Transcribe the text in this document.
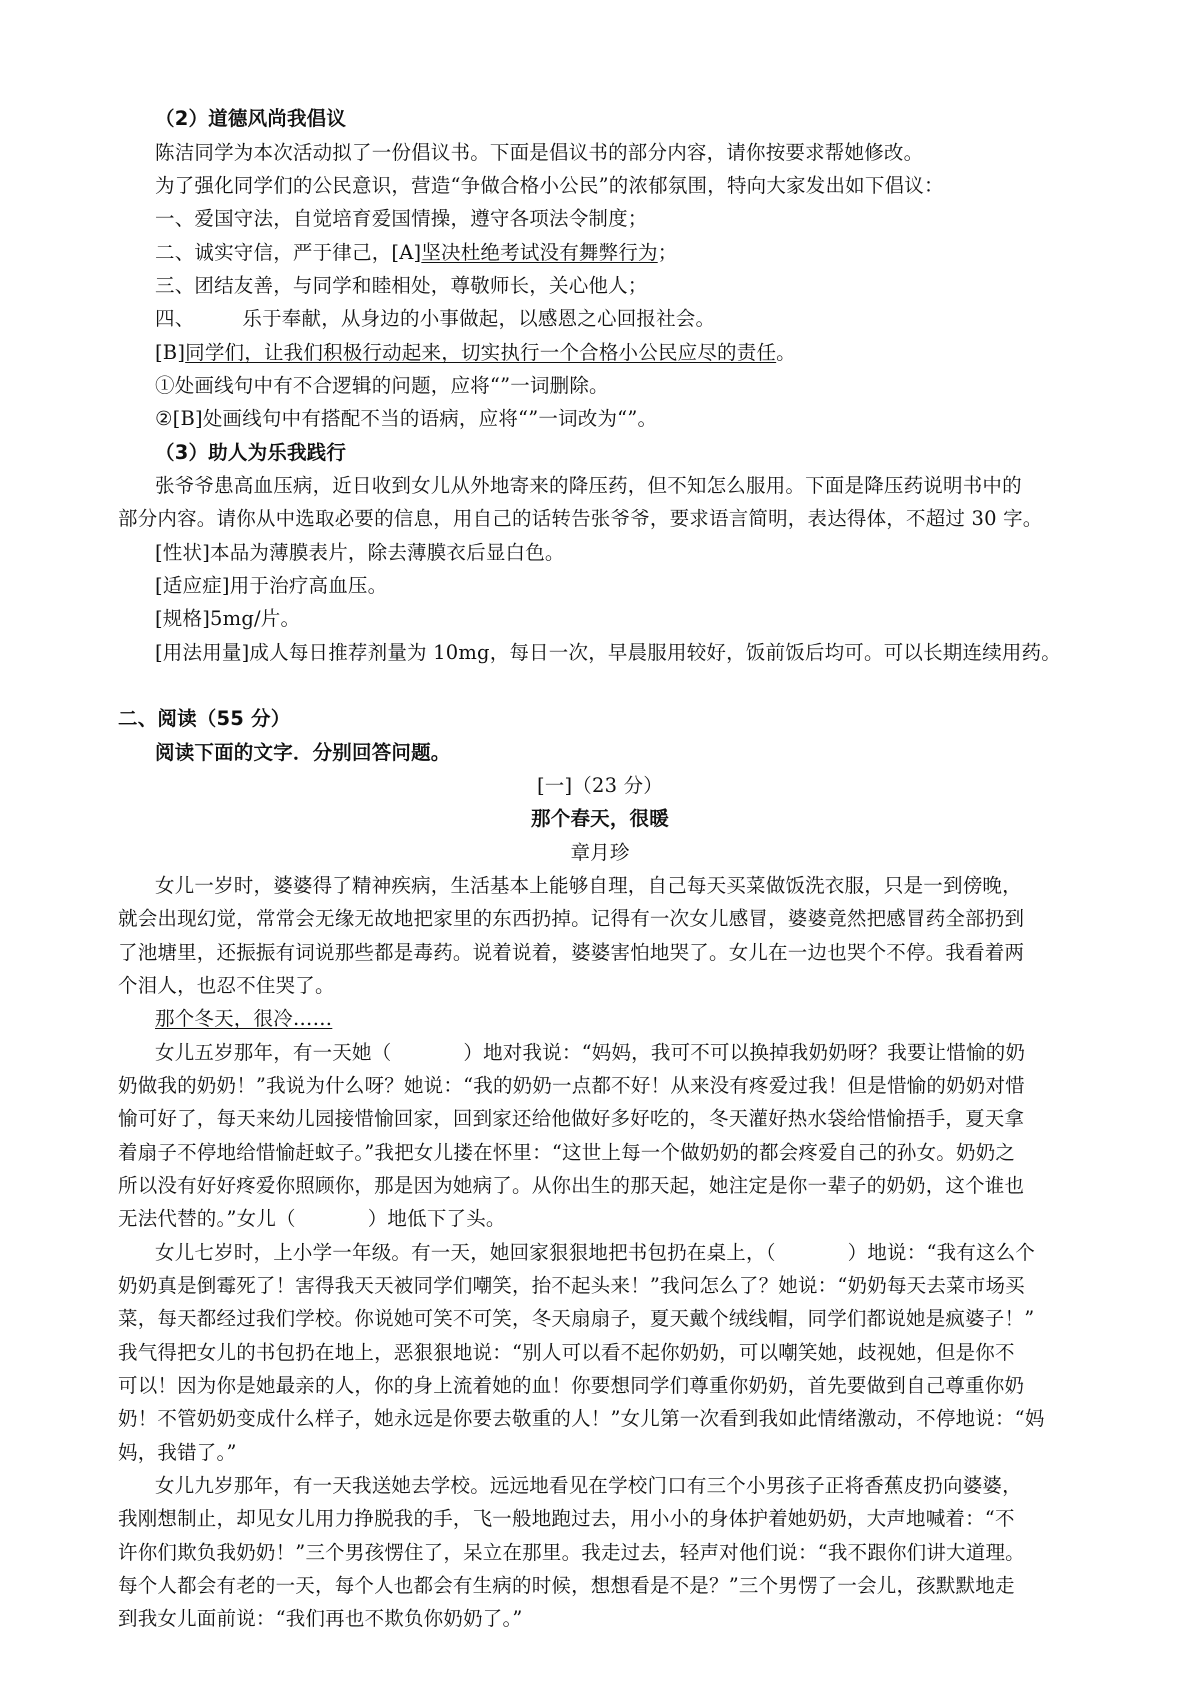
（2）道德风尚我倡议
陈洁同学为本次活动拟了一份倡议书。下面是倡议书的部分内容，请你按要求帮她修改。
为了强化同学们的公民意识，营造“争做合格小公民”的浓郁氛围，特向大家发出如下倡议：
一、爱国守法，自觉培育爱国情操，遵守各项法令制度；
二、诚实守信，严于律己，[A]坚决杜绝考试没有舞弊行为；
三、团结友善，与同学和睦相处，尊敬师长，关心他人；
四、 乐于奉献，从身边的小事做起，以感恩之心回报社会。
[B]同学们，让我们积极行动起来，切实执行一个合格小公民应尽的责任。
①处画线句中有不合逻辑的问题，应将“”一词删除。
②[B]处画线句中有搭配不当的语病，应将“”一词改为“”。
（3）助人为乐我践行
张爷爷患高血压病，近日收到女儿从外地寄来的降压药，但不知怎么服用。下面是降压药说明书中的
部分内容。请你从中选取必要的信息，用自己的话转告张爷爷，要求语言简明，表达得体，不超过 30 字。
[性状]本品为薄膜表片，除去薄膜衣后显白色。
[适应症]用于治疗高血压。
[规格]5mg/片。
[用法用量]成人每日推荐剂量为 10mg，每日一次，早晨服用较好，饭前饭后均可。可以长期连续用药。
二、阅读（55 分）
阅读下面的文字．分别回答问题。
[一]（23 分）
那个春天，很暖
章月珍
女儿一岁时，婆婆得了精神疾病，生活基本上能够自理，自己每天买菜做饭洗衣服，只是一到傍晚，
就会出现幻觉，常常会无缘无故地把家里的东西扔掉。记得有一次女儿感冒，婆婆竟然把感冒药全部扔到
了池塘里，还振振有词说那些都是毒药。说着说着，婆婆害怕地哭了。女儿在一边也哭个不停。我看着两
个泪人，也忍不住哭了。
那个冬天，很冷……
女儿五岁那年，有一天她（	）地对我说：“妈妈，我可不可以换掉我奶奶呀？我要让惜愉的奶
奶做我的奶奶！”我说为什么呀？她说：“我的奶奶一点都不好！从来没有疼爱过我！但是惜愉的奶奶对惜
愉可好了，每天来幼儿园接惜愉回家，回到家还给他做好多好吃的，冬天灌好热水袋给惜愉捂手，夏天拿
着扇子不停地给惜愉赶蚊子。”我把女儿搂在怀里：“这世上每一个做奶奶的都会疼爱自己的孙女。奶奶之
所以没有好好疼爱你照顾你，那是因为她病了。从你出生的那天起，她注定是你一辈子的奶奶，这个谁也
无法代替的。”女儿（	）地低下了头。
女儿七岁时，上小学一年级。有一天，她回家狠狠地把书包扔在桌上，（	）地说：“我有这么个
奶奶真是倒霉死了！害得我天天被同学们嘲笑，抬不起头来！”我问怎么了？她说：“奶奶每天去菜市场买
菜，每天都经过我们学校。你说她可笑不可笑，冬天扇扇子，夏天戴个绒线帽，同学们都说她是疯婆子！”
我气得把女儿的书包扔在地上，恶狠狠地说：“别人可以看不起你奶奶，可以嘲笑她，歧视她，但是你不
可以！因为你是她最亲的人，你的身上流着她的血！你要想同学们尊重你奶奶，首先要做到自己尊重你奶
奶！不管奶奶变成什么样子，她永远是你要去敬重的人！”女儿第一次看到我如此情绪激动，不停地说：“妈
妈，我错了。”
女儿九岁那年，有一天我送她去学校。远远地看见在学校门口有三个小男孩子正将香蕉皮扔向婆婆，
我刚想制止，却见女儿用力挣脱我的手，飞一般地跑过去，用小小的身体护着她奶奶，大声地喊着：“不
许你们欺负我奶奶！”三个男孩愣住了，呆立在那里。我走过去，轻声对他们说：“我不跟你们讲大道理。
每个人都会有老的一天，每个人也都会有生病的时候，想想看是不是？”三个男愣了一会儿，孩默默地走
到我女儿面前说：“我们再也不欺负你奶奶了。”
